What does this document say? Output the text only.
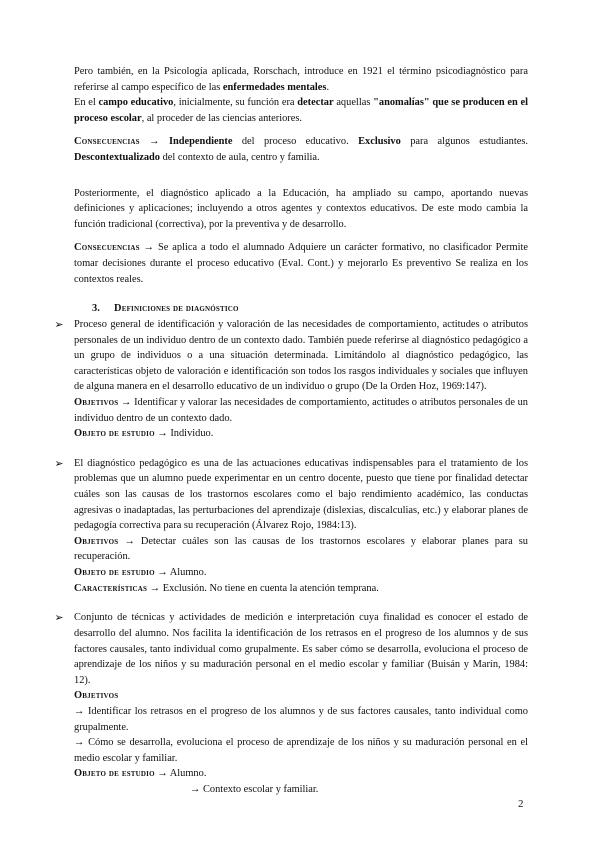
Pero también, en la Psicología aplicada, Rorschach, introduce en 1921 el término psicodiagnóstico para referirse al campo específico de las enfermedades mentales.
En el campo educativo, inicialmente, su función era detectar aquellas "anomalías" que se producen en el proceso escolar, al proceder de las ciencias anteriores.

Consecuencias → Independiente del proceso educativo. Exclusivo para algunos estudiantes. Descontextualizado del contexto de aula, centro y familia.

Posteriormente, el diagnóstico aplicado a la Educación, ha ampliado su campo, aportando nuevas definiciones y aplicaciones; incluyendo a otros agentes y contextos educativos. De este modo cambia la función tradicional (correctiva), por la preventiva y de desarrollo.

Consecuencias → Se aplica a todo el alumnado Adquiere un carácter formativo, no clasificador Permite tomar decisiones durante el proceso educativo (Eval. Cont.) y mejorarlo Es preventivo Se realiza en los contextos reales.

3. Definiciones de diagnóstico
➢ Proceso general de identificación y valoración de las necesidades de comportamiento, actitudes o atributos personales de un individuo dentro de un contexto dado. También puede referirse al diagnóstico pedagógico a un grupo de individuos o a una situación determinada. Limitándolo al diagnóstico pedagógico, las características objeto de valoración e identificación son todos los rasgos individuales y sociales que influyen de alguna manera en el desarrollo educativo de un individuo o grupo (De la Orden Hoz, 1969:147).

Objetivos → Identificar y valorar las necesidades de comportamiento, actitudes o atributos personales de un individuo dentro de un contexto dado.

Objeto de estudio → Individuo.

➢ El diagnóstico pedagógico es una de las actuaciones educativas indispensables para el tratamiento de los problemas que un alumno puede experimentar en un centro docente, puesto que tiene por finalidad detectar cuáles son las causas de los trastornos escolares como el bajo rendimiento académico, las conductas agresivas o inadaptadas, las perturbaciones del aprendizaje (dislexias, discalculias, etc.) y elaborar planes de pedagogía correctiva para su recuperación (Álvarez Rojo, 1984:13).

Objetivos → Detectar cuáles son las causas de los trastornos escolares y elaborar planes para su recuperación.

Objeto de estudio → Alumno.

Características → Exclusión. No tiene en cuenta la atención temprana.

➢ Conjunto de técnicas y actividades de medición e interpretación cuya finalidad es conocer el estado de desarrollo del alumno. Nos facilita la identificación de los retrasos en el progreso de los alumnos y de sus factores causales, tanto individual como grupalmente. Es saber cómo se desarrolla, evoluciona el proceso de aprendizaje de los niños y su maduración personal en el medio escolar y familiar (Buisán y Marín, 1984: 12).

Objetivos

→ Identificar los retrasos en el progreso de los alumnos y de sus factores causales, tanto individual como grupalmente.

→ Cómo se desarrolla, evoluciona el proceso de aprendizaje de los niños y su maduración personal en el medio escolar y familiar.

Objeto de estudio → Alumno.

→ Contexto escolar y familiar.

2
